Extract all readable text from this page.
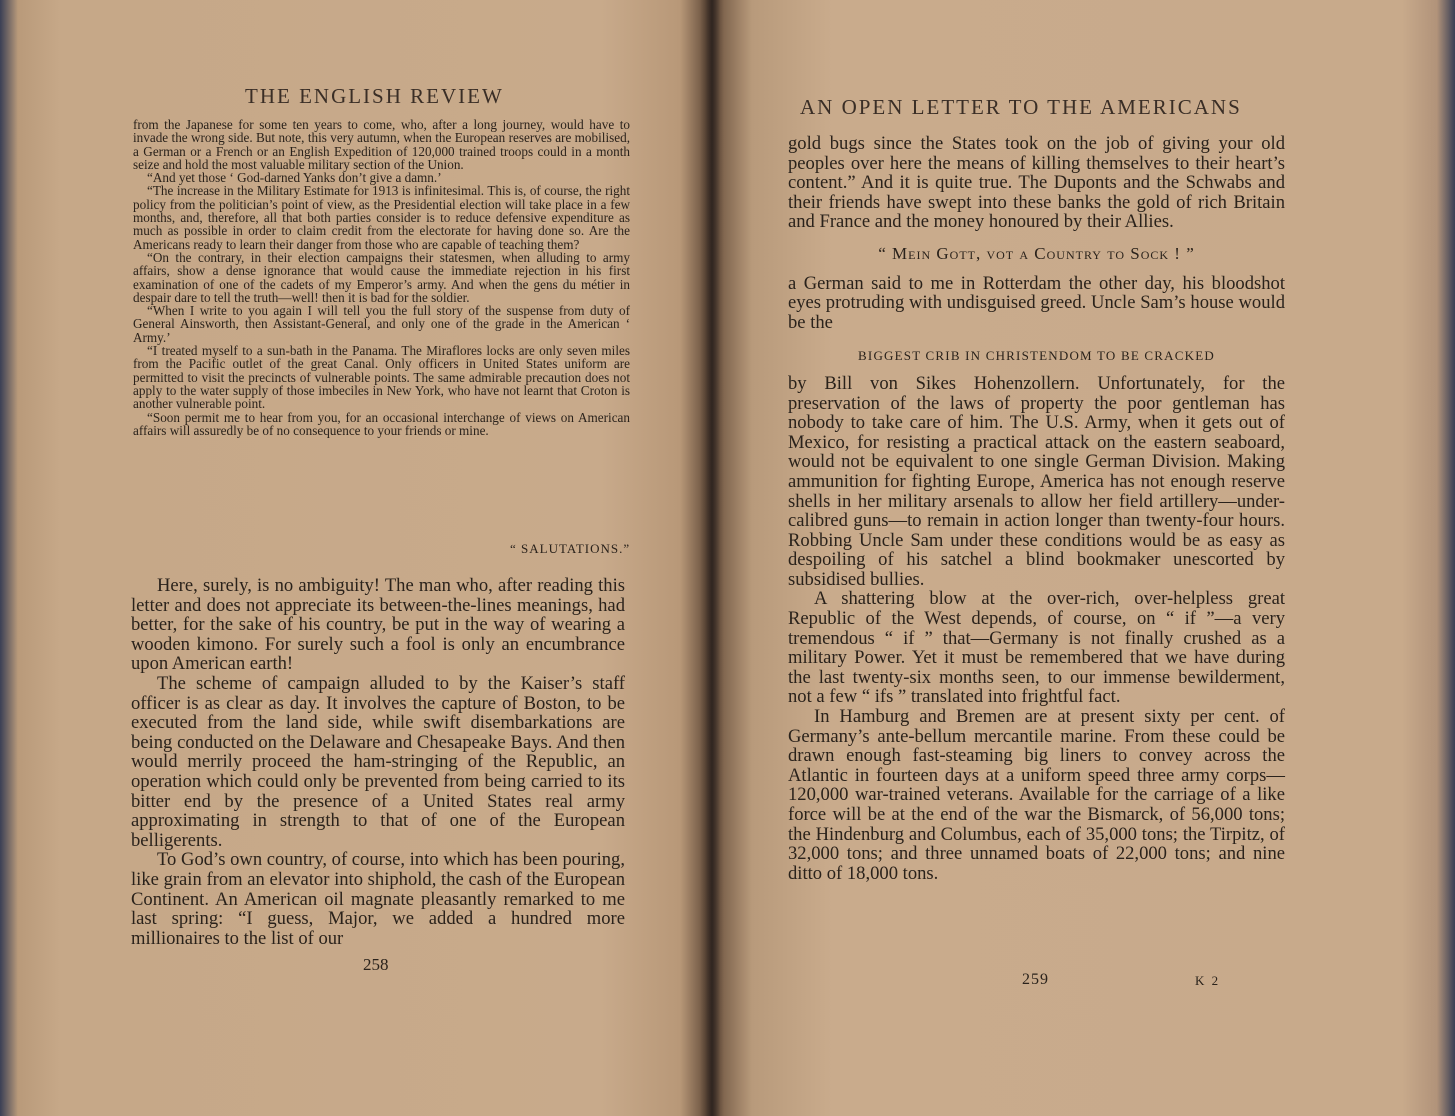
THE ENGLISH REVIEW

from the Japanese for some ten years to come, who, after a long journey, would have to invade the wrong side. But note, this very autumn, when the European reserves are mobilised, a German or a French or an English Expedition of 120,000 trained troops could in a month seize and hold the most valuable military section of the Union.

“And yet those ‘ God-darned Yanks don’t give a damn.’

“The increase in the Military Estimate for 1913 is infinitesimal. This is, of course, the right policy from the politician’s point of view, as the Presidential election will take place in a few months, and, therefore, all that both parties consider is to reduce defensive expenditure as much as possible in order to claim credit from the electorate for having done so. Are the Americans ready to learn their danger from those who are capable of teaching them?

“On the contrary, in their election campaigns their statesmen, when alluding to army affairs, show a dense ignorance that would cause the immediate rejection in his first examination of one of the cadets of my Emperor’s army. And when the gens du métier in despair dare to tell the truth—well! then it is bad for the soldier.

“When I write to you again I will tell you the full story of the suspense from duty of General Ainsworth, then Assistant-General, and only one of the grade in the American ‘ Army.’

“I treated myself to a sun-bath in the Panama. The Miraflores locks are only seven miles from the Pacific outlet of the great Canal. Only officers in United States uniform are permitted to visit the precincts of vulnerable points. The same admirable precaution does not apply to the water supply of those imbeciles in New York, who have not learnt that Croton is another vulnerable point.

“Soon permit me to hear from you, for an occasional interchange of views on American affairs will assuredly be of no consequence to your friends or mine.

“ SALUTATIONS.”

Here, surely, is no ambiguity! The man who, after reading this letter and does not appreciate its between-the-lines meanings, had better, for the sake of his country, be put in the way of wearing a wooden kimono. For surely such a fool is only an encumbrance upon American earth!

The scheme of campaign alluded to by the Kaiser’s staff officer is as clear as day. It involves the capture of Boston, to be executed from the land side, while swift disembarkations are being conducted on the Delaware and Chesapeake Bays. And then would merrily proceed the ham-stringing of the Republic, an operation which could only be prevented from being carried to its bitter end by the presence of a United States real army approximating in strength to that of one of the European belligerents.

To God’s own country, of course, into which has been pouring, like grain from an elevator into shiphold, the cash of the European Continent. An American oil magnate pleasantly remarked to me last spring: “I guess, Major, we added a hundred more millionaires to the list of our

258
AN OPEN LETTER TO THE AMERICANS

gold bugs since the States took on the job of giving your old peoples over here the means of killing themselves to their heart’s content.” And it is quite true. The Duponts and the Schwabs and their friends have swept into these banks the gold of rich Britain and France and the money honoured by their Allies.

“ Mein Gott, vot a Country to Sock ! ”

a German said to me in Rotterdam the other day, his bloodshot eyes protruding with undisguised greed. Uncle Sam’s house would be the

BIGGEST CRIB IN CHRISTENDOM TO BE CRACKED

by Bill von Sikes Hohenzollern. Unfortunately, for the preservation of the laws of property the poor gentleman has nobody to take care of him. The U.S. Army, when it gets out of Mexico, for resisting a practical attack on the eastern seaboard, would not be equivalent to one single German Division. Making ammunition for fighting Europe, America has not enough reserve shells in her military arsenals to allow her field artillery—under-calibred guns—to remain in action longer than twenty-four hours. Robbing Uncle Sam under these conditions would be as easy as despoiling of his satchel a blind bookmaker unescorted by subsidised bullies.

A shattering blow at the over-rich, over-helpless great Republic of the West depends, of course, on “ if ”—a very tremendous “ if ” that—Germany is not finally crushed as a military Power. Yet it must be remembered that we have during the last twenty-six months seen, to our immense bewilderment, not a few “ ifs ” translated into frightful fact.

In Hamburg and Bremen are at present sixty per cent. of Germany’s ante-bellum mercantile marine. From these could be drawn enough fast-steaming big liners to convey across the Atlantic in fourteen days at a uniform speed three army corps—120,000 war-trained veterans. Available for the carriage of a like force will be at the end of the war the Bismarck, of 56,000 tons; the Hindenburg and Columbus, each of 35,000 tons; the Tirpitz, of 32,000 tons; and three unnamed boats of 22,000 tons; and nine ditto of 18,000 tons.

259	K 2
